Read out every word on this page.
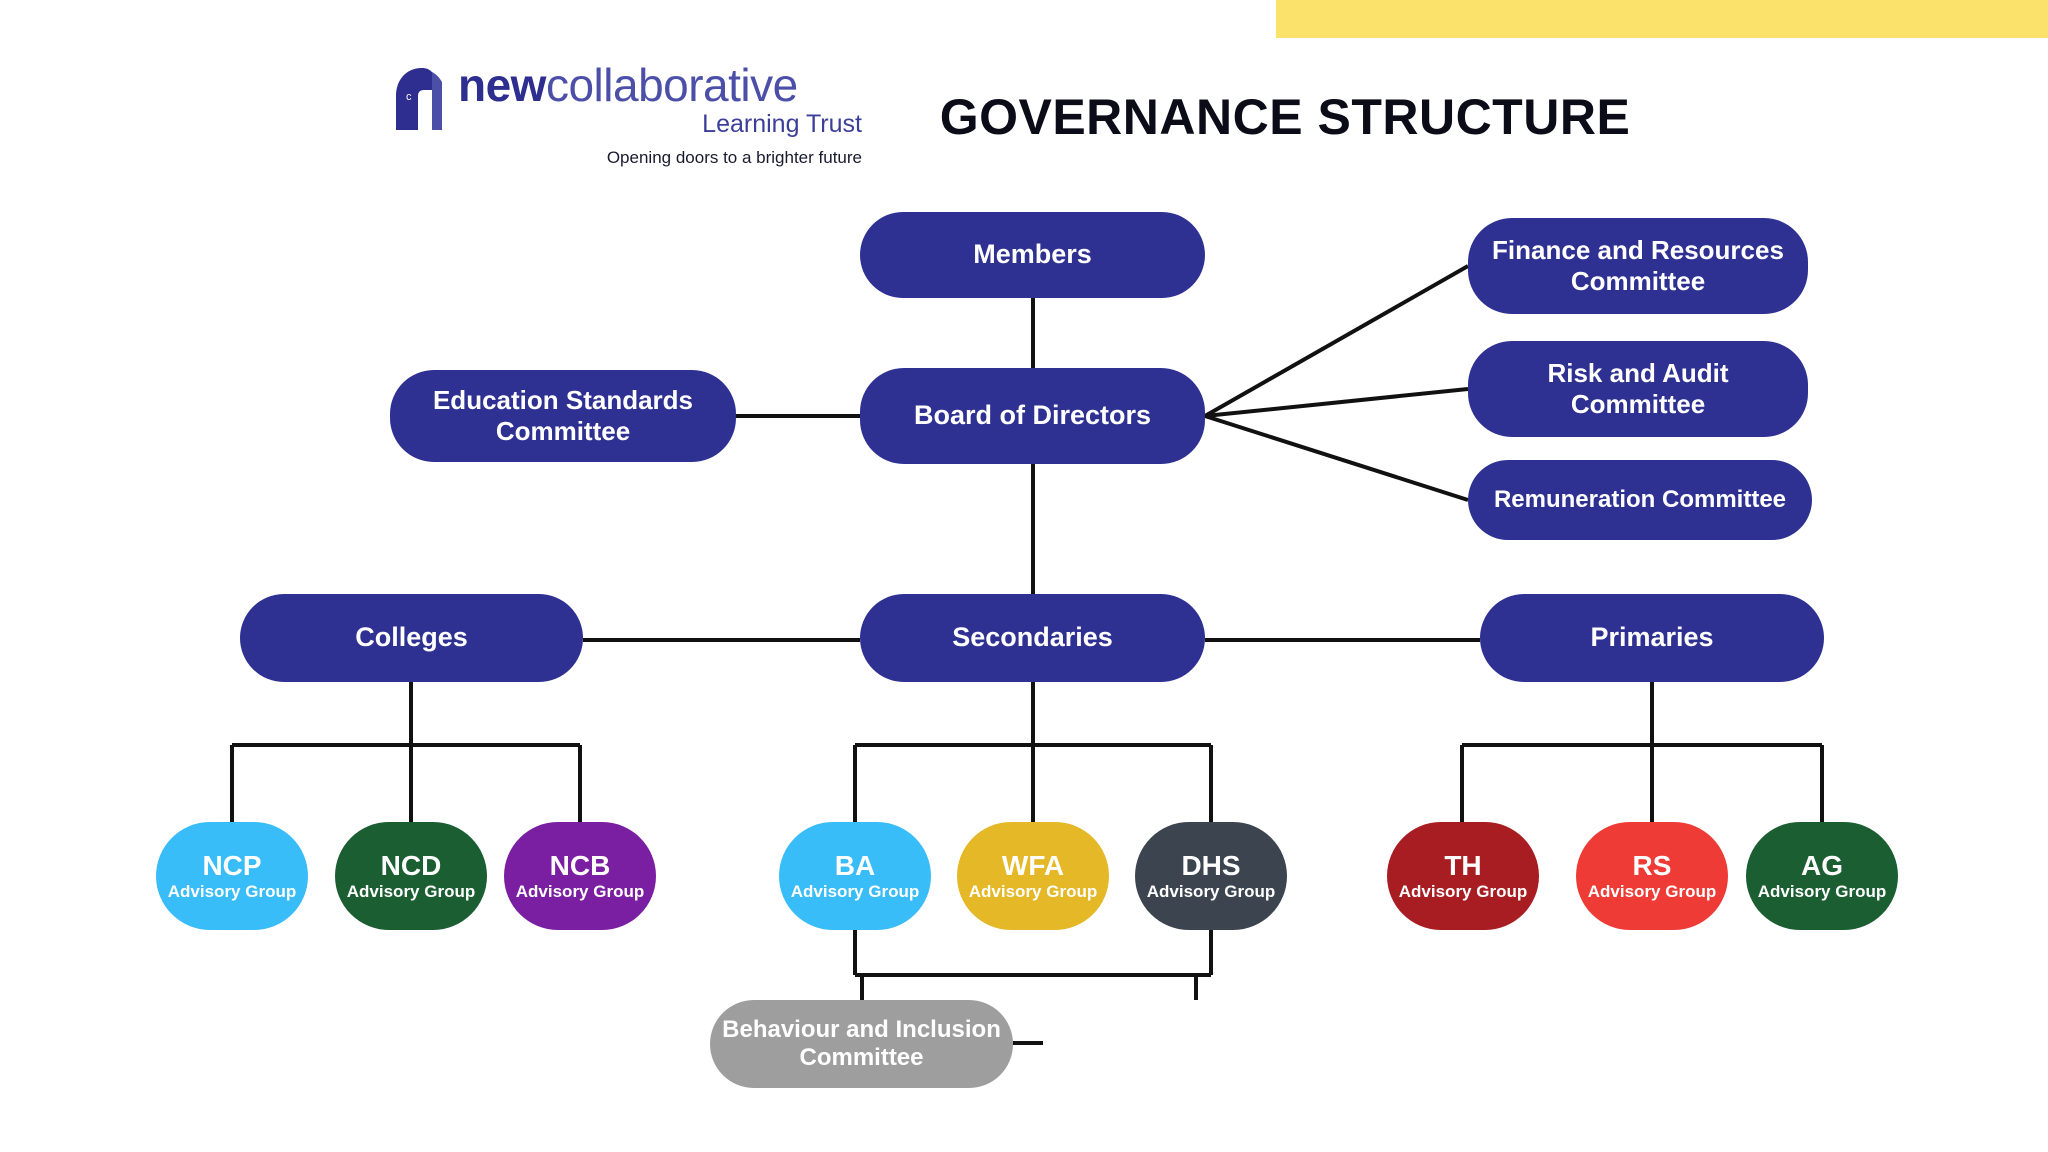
c newcollaborative
Learning Trust
Opening doors to a brighter future
GOVERNANCE STRUCTURE
Members
Board of Directors
Education Standards Committee
Finance and Resources Committee
Risk and Audit Committee
Remuneration Committee
Colleges	Secondaries	Primaries
NCP
Advisory Group
NCD
Advisory Group
NCB
Advisory Group
BA
Advisory Group
WFA
Advisory Group
DHS
Advisory Group
TH
Advisory Group
RS
Advisory Group
AG
Advisory Group
Behaviour and Inclusion Committee
Attendance Committee
